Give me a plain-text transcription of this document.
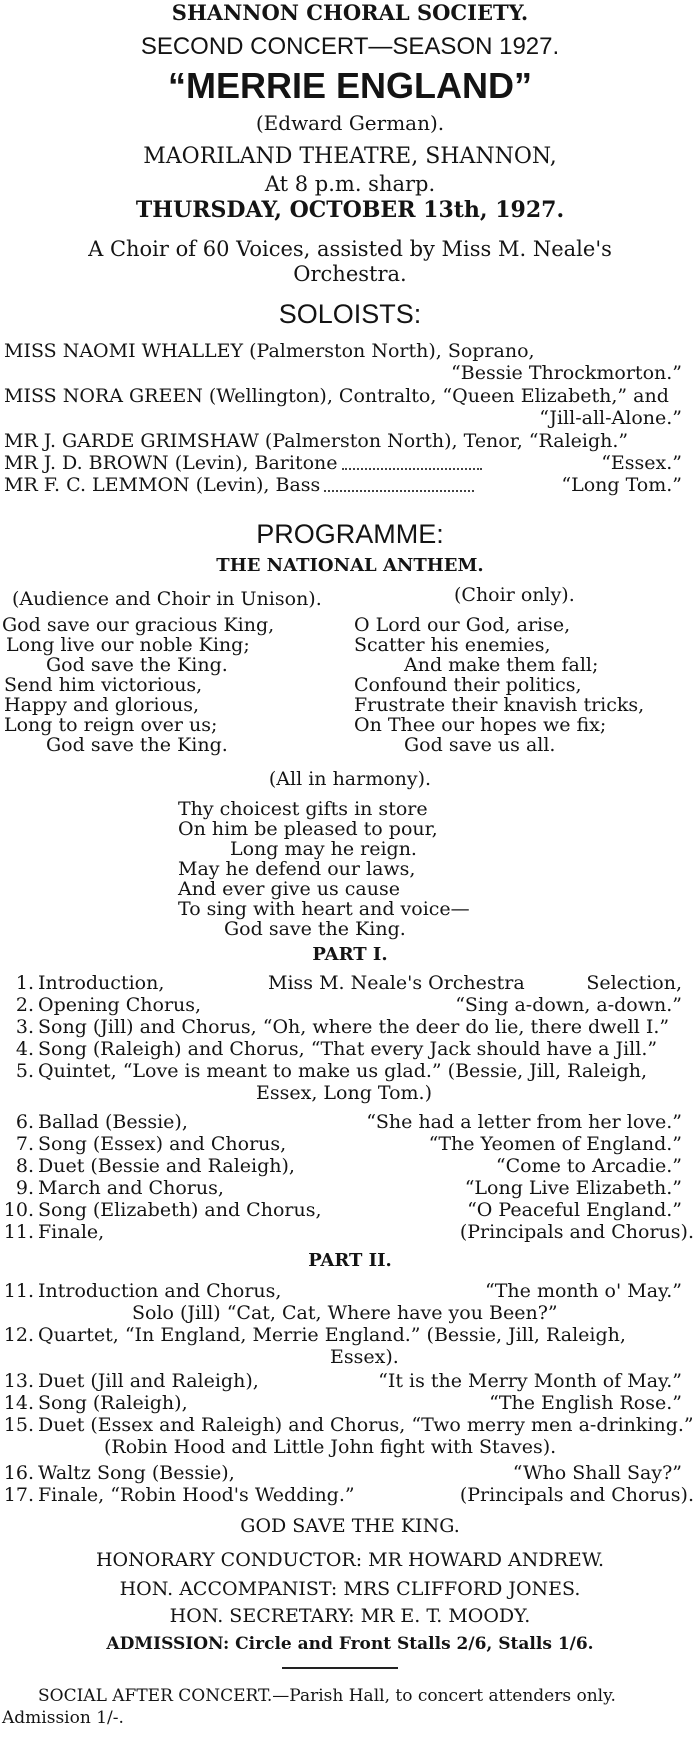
SHANNON CHORAL SOCIETY.
SECOND CONCERT—SEASON 1927.
“MERRIE ENGLAND”
(Edward German).
MAORILAND THEATRE, SHANNON,
At 8 p.m. sharp.
THURSDAY, OCTOBER 13th, 1927.
A Choir of 60 Voices, assisted by Miss M. Neale's
Orchestra.
SOLOISTS:
MISS NAOMI WHALLEY (Palmerston North), Soprano,
“Bessie Throckmorton.”
MISS NORA GREEN (Wellington), Contralto, “Queen Elizabeth,” and
“Jill-all-Alone.”
MR J. GARDE GRIMSHAW (Palmerston North), Tenor, “Raleigh.”
MR J. D. BROWN (Levin), Baritone	“Essex.”
MR F. C. LEMMON (Levin), Bass	“Long Tom.”
PROGRAMME:
THE NATIONAL ANTHEM.
(Audience and Choir in Unison).	(Choir only).
God save our gracious King,
Long live our noble King;
God save the King.
Send him victorious,
Happy and glorious,
Long to reign over us;
God save the King.
O Lord our God, arise,
Scatter his enemies,
And make them fall;
Confound their politics,
Frustrate their knavish tricks,
On Thee our hopes we fix;
God save us all.
(All in harmony).
Thy choicest gifts in store
On him be pleased to pour,
Long may he reign.
May he defend our laws,
And ever give us cause
To sing with heart and voice—
God save the King.
PART I.
1. Introduction,	Miss M. Neale's Orchestra	Selection,
2. Opening Chorus,	“Sing a-down, a-down.”
3. Song (Jill) and Chorus, “Oh, where the deer do lie, there dwell I.”
4. Song (Raleigh) and Chorus, “That every Jack should have a Jill.”
5. Quintet, “Love is meant to make us glad.” (Bessie, Jill, Raleigh,
Essex, Long Tom.)
6. Ballad (Bessie),	“She had a letter from her love.”
7. Song (Essex) and Chorus,	“The Yeomen of England.”
8. Duet (Bessie and Raleigh),	“Come to Arcadie.”
9. March and Chorus,	“Long Live Elizabeth.”
10. Song (Elizabeth) and Chorus,	“O Peaceful England.”
11. Finale,	(Principals and Chorus).
PART II.
11. Introduction and Chorus,	“The month o' May.”
Solo (Jill) “Cat, Cat, Where have you Been?”
12. Quartet, “In England, Merrie England.” (Bessie, Jill, Raleigh,
Essex).
13. Duet (Jill and Raleigh),	“It is the Merry Month of May.”
14. Song (Raleigh),	“The English Rose.”
15. Duet (Essex and Raleigh) and Chorus, “Two merry men a-drinking.”
(Robin Hood and Little John fight with Staves).
16. Waltz Song (Bessie),	“Who Shall Say?”
17. Finale, “Robin Hood's Wedding.”	(Principals and Chorus).
GOD SAVE THE KING.
HONORARY CONDUCTOR: MR HOWARD ANDREW.
HON. ACCOMPANIST: MRS CLIFFORD JONES.
HON. SECRETARY: MR E. T. MOODY.
ADMISSION: Circle and Front Stalls 2/6, Stalls 1/6.
SOCIAL AFTER CONCERT.—Parish Hall, to concert attenders only.
Admission 1/-.
